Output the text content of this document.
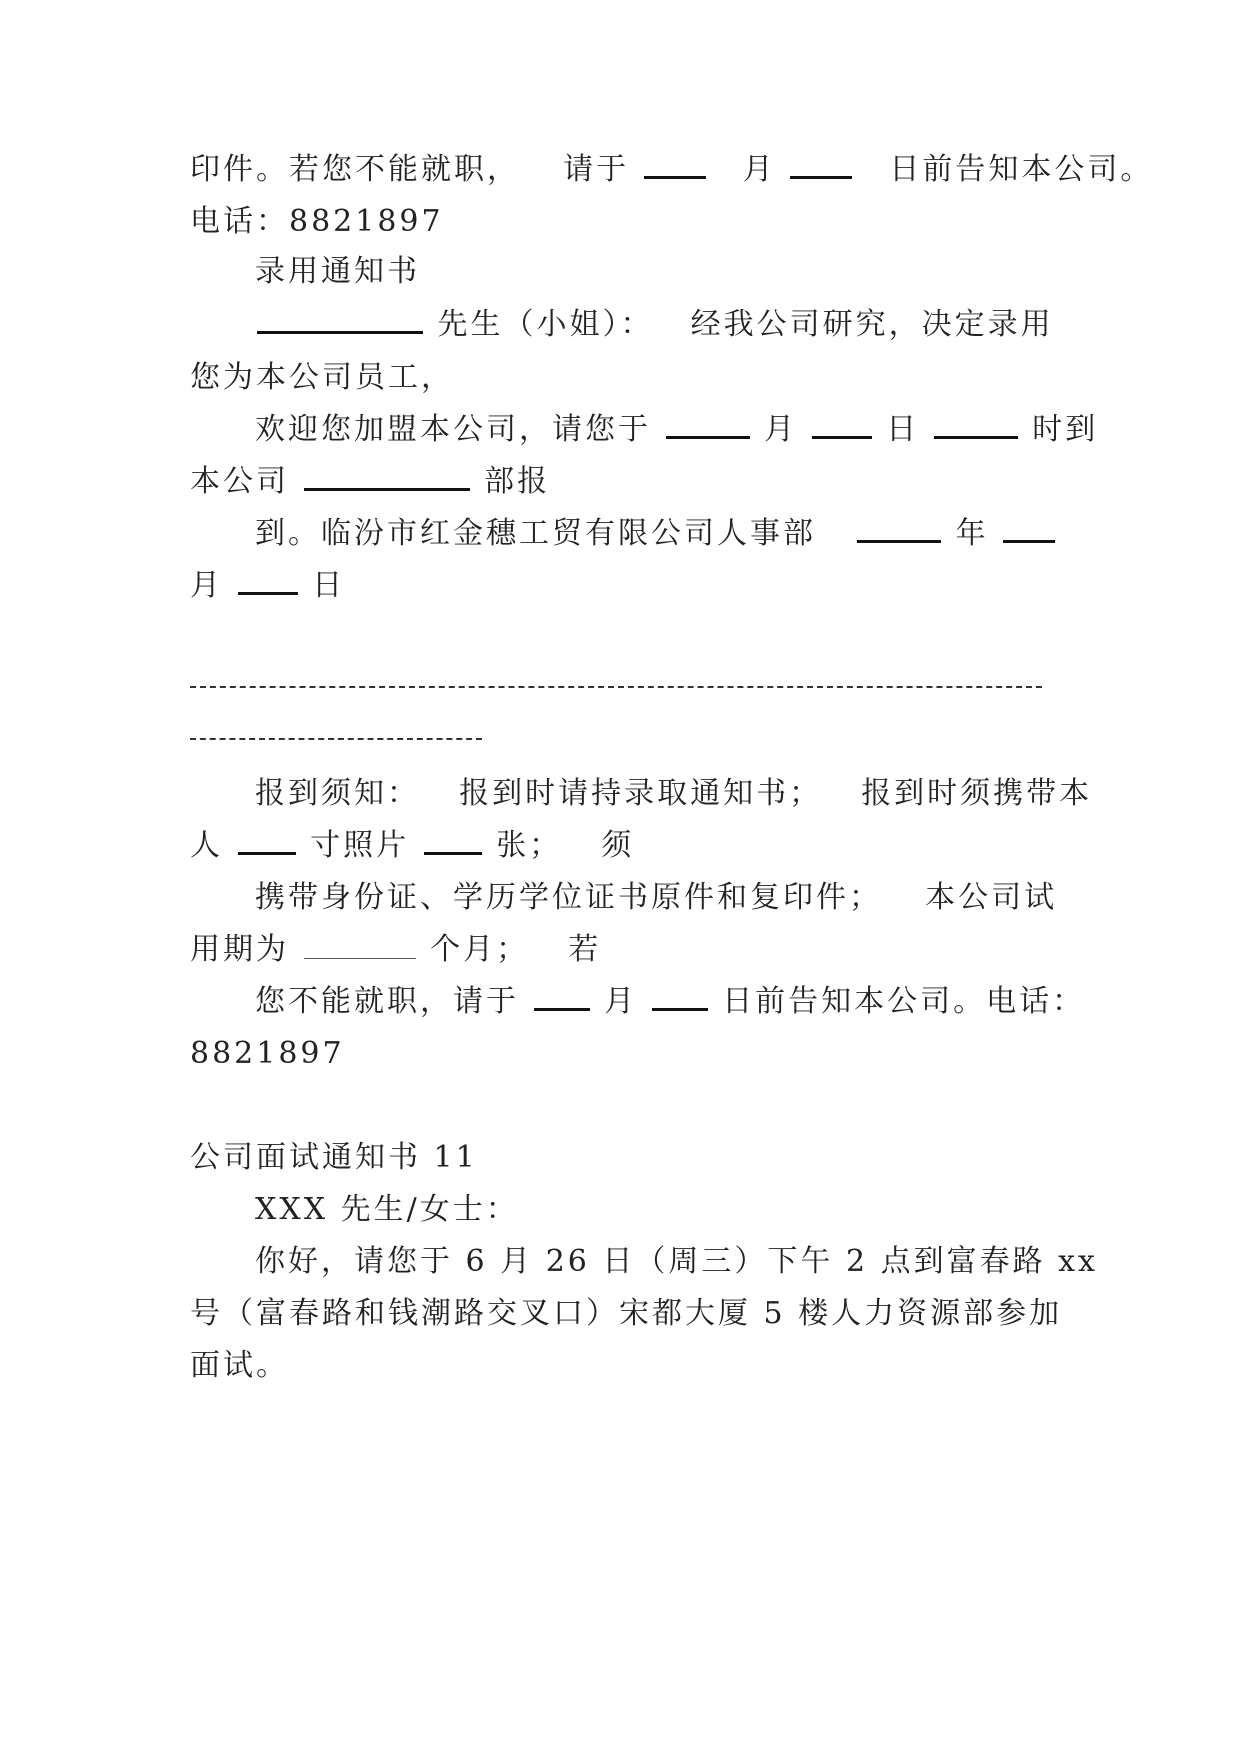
印件。若您不能就职， 请于	月	日前告知本公司。
电话：8821897
录用通知书
先生（小姐）： 经我公司研究，决定录用
您为本公司员工，
欢迎您加盟本公司，请您于	月	日	时到
本公司	部报
到。临汾市红金穗工贸有限公司人事部	年
月	日
报到须知： 报到时请持录取通知书； 报到时须携带本
人	寸照片	张； 须
携带身份证、学历学位证书原件和复印件； 本公司试
用期为	个月； 若
您不能就职，请于	月	日前告知本公司。电话：
8821897
公司面试通知书 11
XXX 先生/女士：
你好，请您于 6 月 26 日（周三）下午 2 点到富春路 xx
号（富春路和钱潮路交叉口）宋都大厦 5 楼人力资源部参加
面试。
